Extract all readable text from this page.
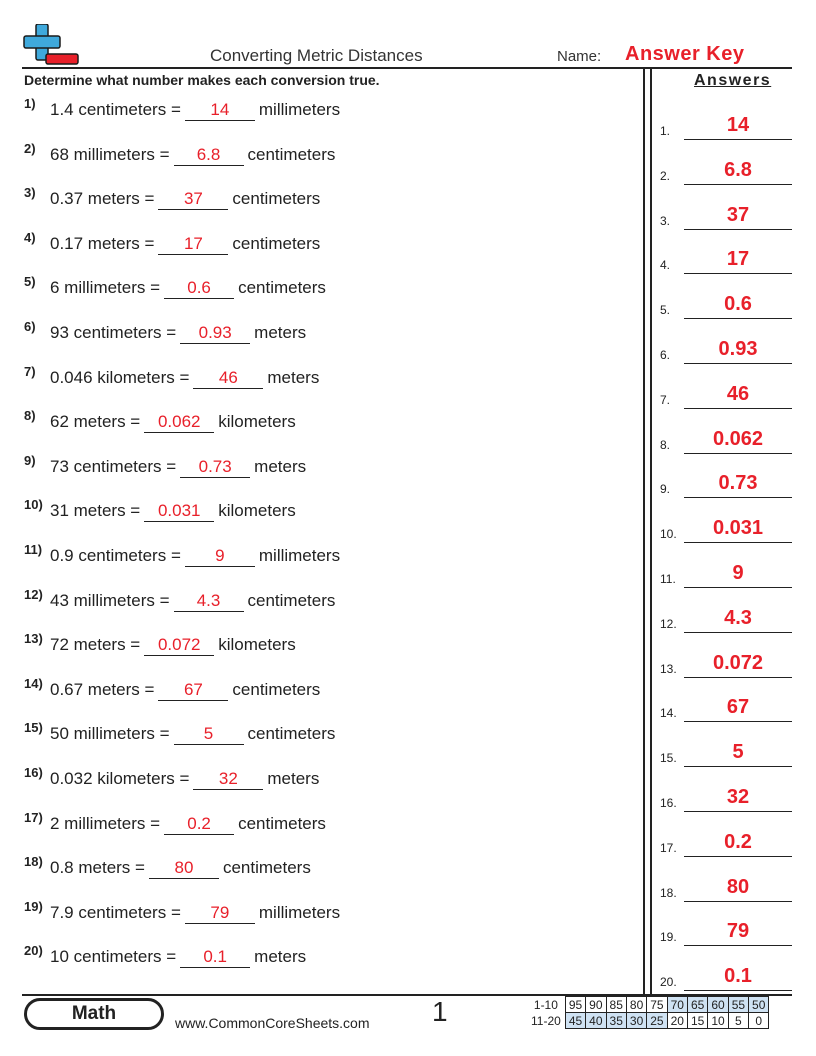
Converting Metric Distances	Name: Answer Key
Determine what number makes each conversion true.	Answers
1) 1.4 centimeters = 14 millimeters
2) 68 millimeters = 6.8 centimeters
3) 0.37 meters = 37 centimeters
4) 0.17 meters = 17 centimeters
5) 6 millimeters = 0.6 centimeters
6) 93 centimeters = 0.93 meters
7) 0.046 kilometers = 46 meters
8) 62 meters = 0.062 kilometers
9) 73 centimeters = 0.73 meters
10) 31 meters = 0.031 kilometers
11) 0.9 centimeters = 9 millimeters
12) 43 millimeters = 4.3 centimeters
13) 72 meters = 0.072 kilometers
14) 0.67 meters = 67 centimeters
15) 50 millimeters = 5 centimeters
16) 0.032 kilometers = 32 meters
17) 2 millimeters = 0.2 centimeters
18) 0.8 meters = 80 centimeters
19) 7.9 centimeters = 79 millimeters
20) 10 centimeters = 0.1 meters
1.	14
2.	6.8
3.	37
4.	17
5.	0.6
6.	0.93
7.	46
8.	0.062
9.	0.73
10.	0.031
11.	9
12.	4.3
13.	0.072
14.	67
15.	5
16.	32
17.	0.2
18.	80
19.	79
20.	0.1
Math	www.CommonCoreSheets.com 1	1-10	95	90	85	80	75	70	65	60	55	50
11-20	45	40	35	30	25	20	15	10	5	0
